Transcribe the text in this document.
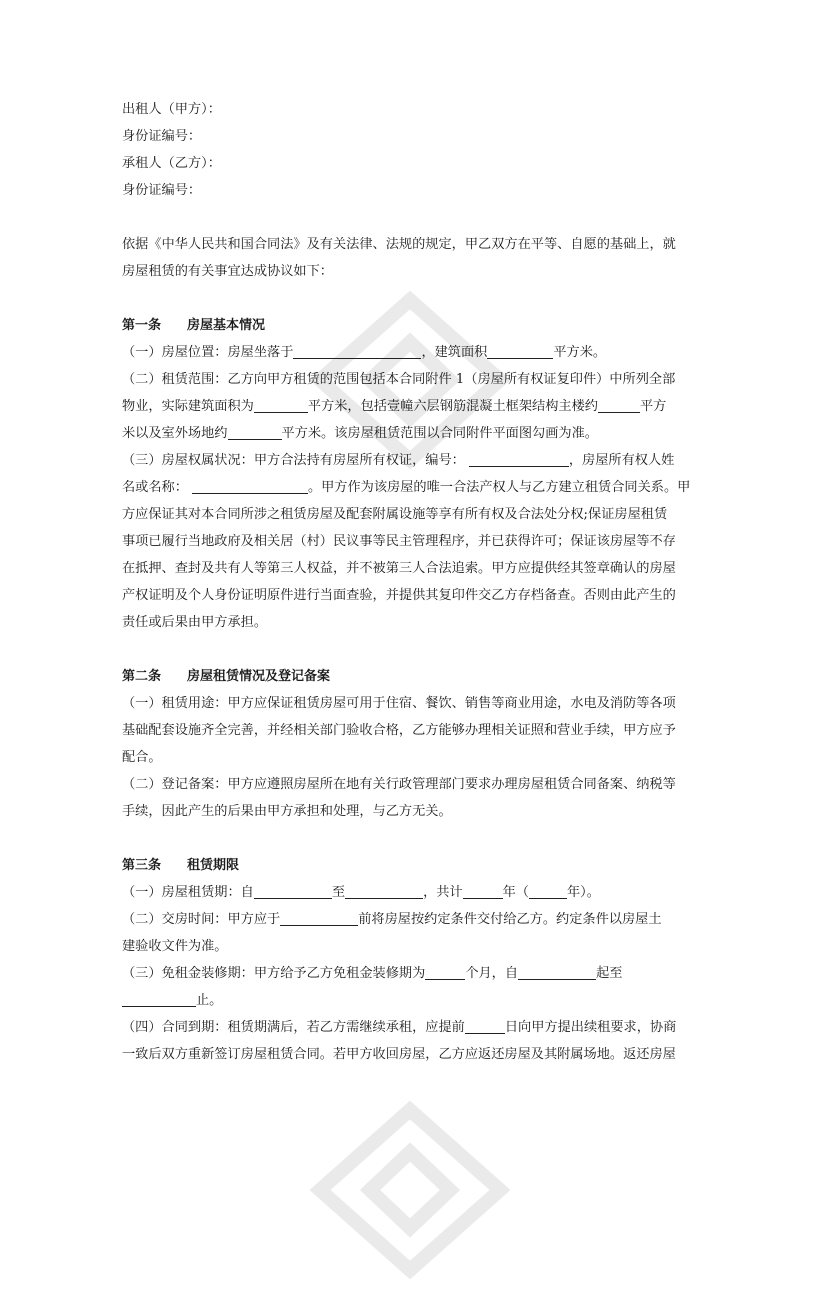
出租人（甲方）：
身份证编号：
承租人（乙方）：
身份证编号：
依据《中华人民共和国合同法》及有关法律、法规的规定，甲乙双方在平等、自愿的基础上，就
房屋租赁的有关事宜达成协议如下：
第一条 房屋基本情况
（一）房屋位置：房屋坐落于	，建筑面积	平方米。
（二）租赁范围：乙方向甲方租赁的范围包括本合同附件 1（房屋所有权证复印件）中所列全部
物业，实际建筑面积为	平方米，包括壹幢六层钢筋混凝土框架结构主楼约	平方
米以及室外场地约	平方米。该房屋租赁范围以合同附件平面图勾画为准。
（三）房屋权属状况：甲方合法持有房屋所有权证，编号：	，房屋所有权人姓
名或名称：	。甲方作为该房屋的唯一合法产权人与乙方建立租赁合同关系。甲
方应保证其对本合同所涉之租赁房屋及配套附属设施等享有所有权及合法处分权;保证房屋租赁
事项已履行当地政府及相关居（村）民议事等民主管理程序，并已获得许可；保证该房屋等不存
在抵押、查封及共有人等第三人权益，并不被第三人合法追索。甲方应提供经其签章确认的房屋
产权证明及个人身份证明原件进行当面查验，并提供其复印件交乙方存档备查。否则由此产生的
责任或后果由甲方承担。
第二条 房屋租赁情况及登记备案
（一）租赁用途：甲方应保证租赁房屋可用于住宿、餐饮、销售等商业用途，水电及消防等各项
基础配套设施齐全完善，并经相关部门验收合格，乙方能够办理相关证照和营业手续，甲方应予
配合。
（二）登记备案：甲方应遵照房屋所在地有关行政管理部门要求办理房屋租赁合同备案、纳税等
手续，因此产生的后果由甲方承担和处理，与乙方无关。
第三条 租赁期限
（一）房屋租赁期：自	至	，共计	年（	年）。
（二）交房时间：甲方应于	前将房屋按约定条件交付给乙方。约定条件以房屋土
建验收文件为准。
（三）免租金装修期：甲方给予乙方免租金装修期为	个月，自	起至
止。
（四）合同到期：租赁期满后，若乙方需继续承租，应提前	日向甲方提出续租要求，协商
一致后双方重新签订房屋租赁合同。若甲方收回房屋，乙方应返还房屋及其附属场地。返还房屋
